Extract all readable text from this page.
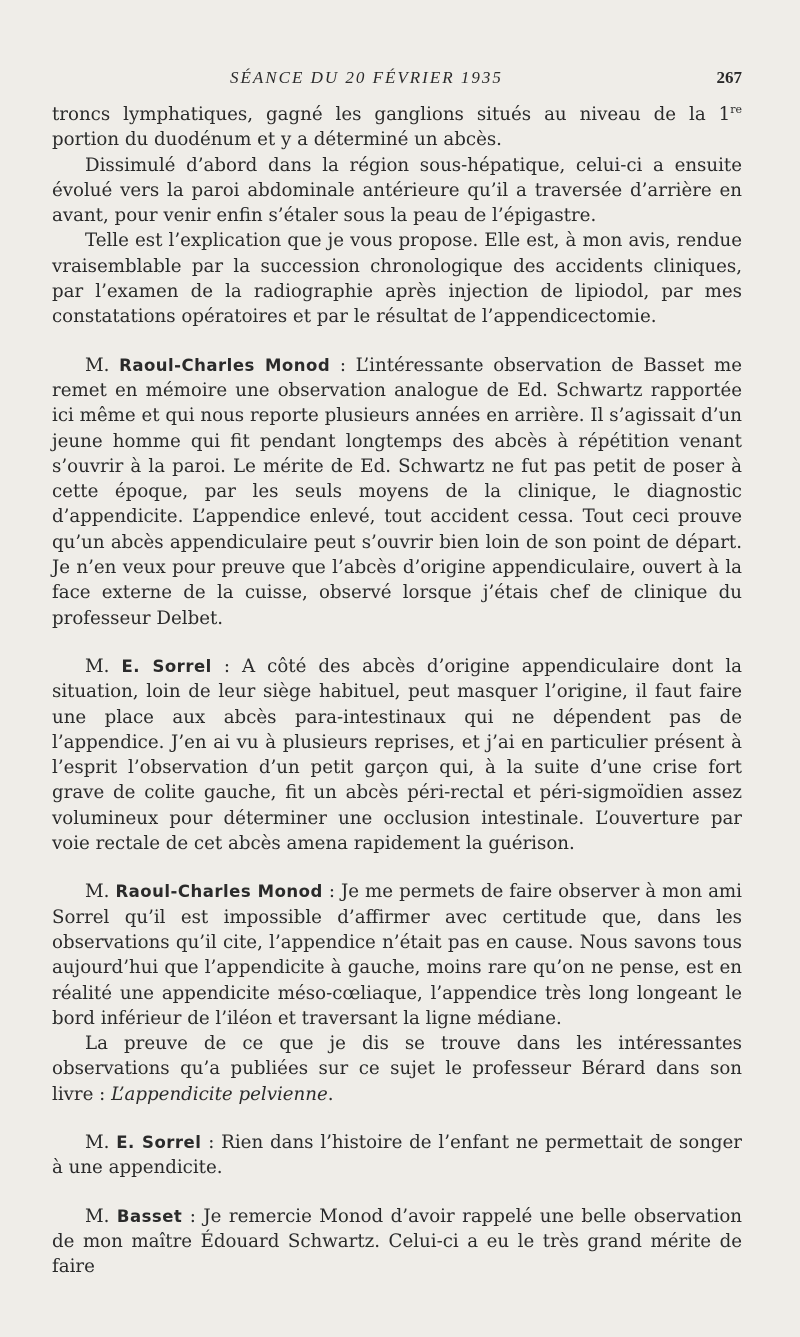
SÉANCE DU 20 FÉVRIER 1935	267

troncs lymphatiques, gagné les ganglions situés au niveau de la 1re portion du duodénum et y a déterminé un abcès.

Dissimulé d’abord dans la région sous-hépatique, celui-ci a ensuite évolué vers la paroi abdominale antérieure qu’il a traversée d’arrière en avant, pour venir enfin s’étaler sous la peau de l’épigastre.

Telle est l’explication que je vous propose. Elle est, à mon avis, rendue vraisemblable par la succession chronologique des accidents cliniques, par l’examen de la radiographie après injection de lipiodol, par mes constatations opératoires et par le résultat de l’appendicectomie.

M. Raoul-Charles Monod : L’intéressante observation de Basset me remet en mémoire une observation analogue de Ed. Schwartz rapportée ici même et qui nous reporte plusieurs années en arrière. Il s’agissait d’un jeune homme qui fit pendant longtemps des abcès à répétition venant s’ouvrir à la paroi. Le mérite de Ed. Schwartz ne fut pas petit de poser à cette époque, par les seuls moyens de la clinique, le diagnostic d’appendicite. L’appendice enlevé, tout accident cessa. Tout ceci prouve qu’un abcès appendiculaire peut s’ouvrir bien loin de son point de départ. Je n’en veux pour preuve que l’abcès d’origine appendiculaire, ouvert à la face externe de la cuisse, observé lorsque j’étais chef de clinique du professeur Delbet.

M. E. Sorrel : A côté des abcès d’origine appendiculaire dont la situation, loin de leur siège habituel, peut masquer l’origine, il faut faire une place aux abcès para-intestinaux qui ne dépendent pas de l’appendice. J’en ai vu à plusieurs reprises, et j’ai en particulier présent à l’esprit l’observation d’un petit garçon qui, à la suite d’une crise fort grave de colite gauche, fit un abcès péri-rectal et péri-sigmoïdien assez volumineux pour déterminer une occlusion intestinale. L’ouverture par voie rectale de cet abcès amena rapidement la guérison.

M. Raoul-Charles Monod : Je me permets de faire observer à mon ami Sorrel qu’il est impossible d’affirmer avec certitude que, dans les observations qu’il cite, l’appendice n’était pas en cause. Nous savons tous aujourd’hui que l’appendicite à gauche, moins rare qu’on ne pense, est en réalité une appendicite méso-cœliaque, l’appendice très long longeant le bord inférieur de l’iléon et traversant la ligne médiane.

La preuve de ce que je dis se trouve dans les intéressantes observations qu’a publiées sur ce sujet le professeur Bérard dans son livre : L’appendicite pelvienne.

M. E. Sorrel : Rien dans l’histoire de l’enfant ne permettait de songer à une appendicite.

M. Basset : Je remercie Monod d’avoir rappelé une belle observation de mon maître Édouard Schwartz. Celui-ci a eu le très grand mérite de faire
